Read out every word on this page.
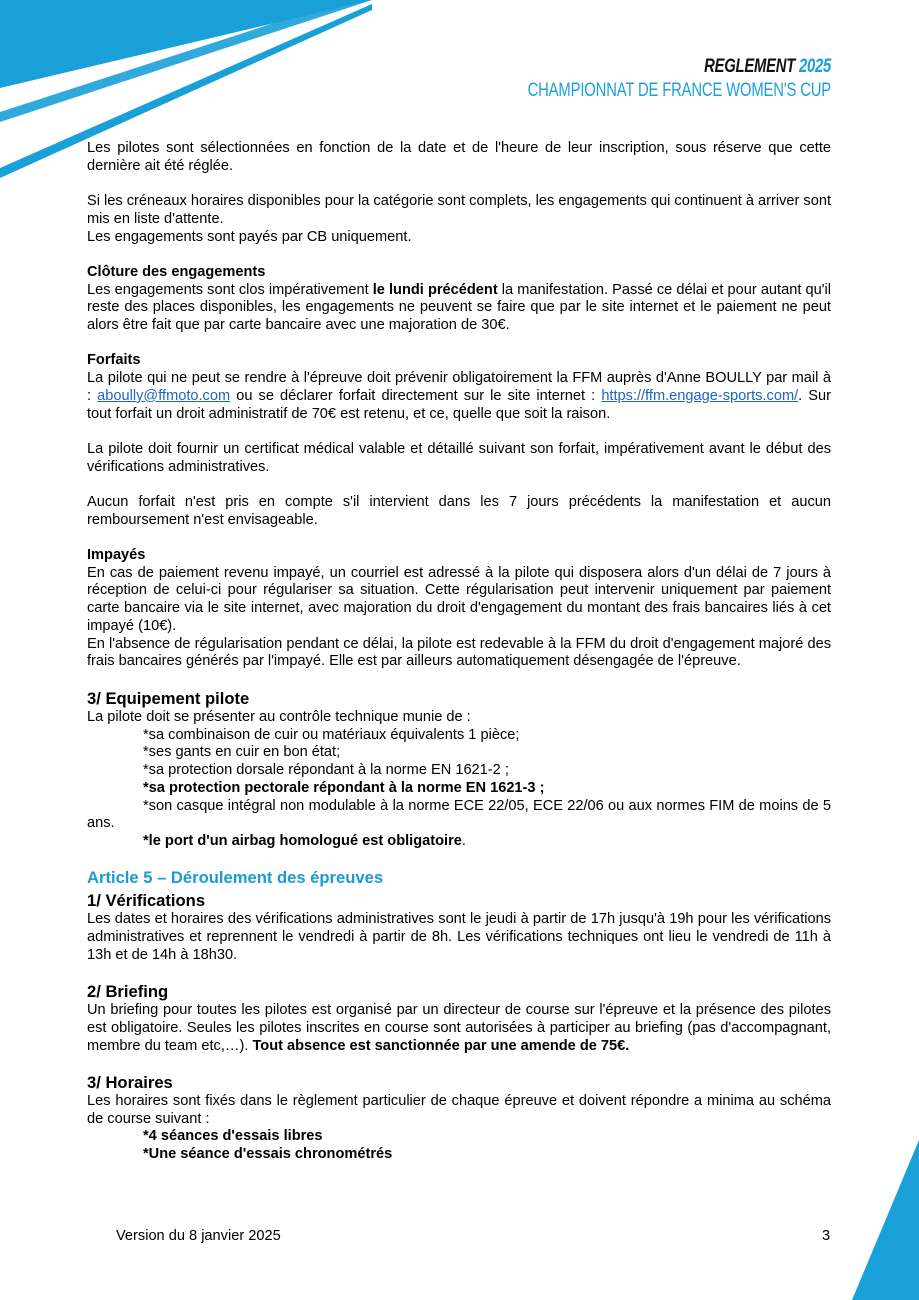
REGLEMENT 2025
CHAMPIONNAT DE FRANCE WOMEN'S CUP

Les pilotes sont sélectionnées en fonction de la date et de l'heure de leur inscription, sous réserve que cette dernière ait été réglée.

Si les créneaux horaires disponibles pour la catégorie sont complets, les engagements qui continuent à arriver sont mis en liste d'attente.

Les engagements sont payés par CB uniquement.

Clôture des engagements

Les engagements sont clos impérativement le lundi précédent la manifestation. Passé ce délai et pour autant qu'il reste des places disponibles, les engagements ne peuvent se faire que par le site internet et le paiement ne peut alors être fait que par carte bancaire avec une majoration de 30€.

Forfaits

La pilote qui ne peut se rendre à l'épreuve doit prévenir obligatoirement la FFM auprès d'Anne BOULLY par mail à : aboully@ffmoto.com ou se déclarer forfait directement sur le site internet : https://ffm.engage-sports.com/. Sur tout forfait un droit administratif de 70€ est retenu, et ce, quelle que soit la raison.

La pilote doit fournir un certificat médical valable et détaillé suivant son forfait, impérativement avant le début des vérifications administratives.

Aucun forfait n'est pris en compte s'il intervient dans les 7 jours précédents la manifestation et aucun remboursement n'est envisageable.

Impayés

En cas de paiement revenu impayé, un courriel est adressé à la pilote qui disposera alors d'un délai de 7 jours à réception de celui-ci pour régulariser sa situation. Cette régularisation peut intervenir uniquement par paiement carte bancaire via le site internet, avec majoration du droit d'engagement du montant des frais bancaires liés à cet impayé (10€).

En l'absence de régularisation pendant ce délai, la pilote est redevable à la FFM du droit d'engagement majoré des frais bancaires générés par l'impayé. Elle est par ailleurs automatiquement désengagée de l'épreuve.

3/ Equipement pilote

La pilote doit se présenter au contrôle technique munie de :

*sa combinaison de cuir ou matériaux équivalents 1 pièce;

*ses gants en cuir en bon état;

*sa protection dorsale répondant à la norme EN 1621-2 ;

*sa protection pectorale répondant à la norme EN 1621-3 ;

*son casque intégral non modulable à la norme ECE 22/05, ECE 22/06 ou aux normes FIM de moins de 5 ans.

*le port d'un airbag homologué est obligatoire.

Article 5 – Déroulement des épreuves

1/ Vérifications

Les dates et horaires des vérifications administratives sont le jeudi à partir de 17h jusqu'à 19h pour les vérifications administratives et reprennent le vendredi à partir de 8h. Les vérifications techniques ont lieu le vendredi de 11h à 13h et de 14h à 18h30.

2/ Briefing

Un briefing pour toutes les pilotes est organisé par un directeur de course sur l'épreuve et la présence des pilotes est obligatoire. Seules les pilotes inscrites en course sont autorisées à participer au briefing (pas d'accompagnant, membre du team etc,…). Tout absence est sanctionnée par une amende de 75€.

3/ Horaires

Les horaires sont fixés dans le règlement particulier de chaque épreuve et doivent répondre a minima au schéma de course suivant :

*4 séances d'essais libres

*Une séance d'essais chronométrés

Version du 8 janvier 2025	3
